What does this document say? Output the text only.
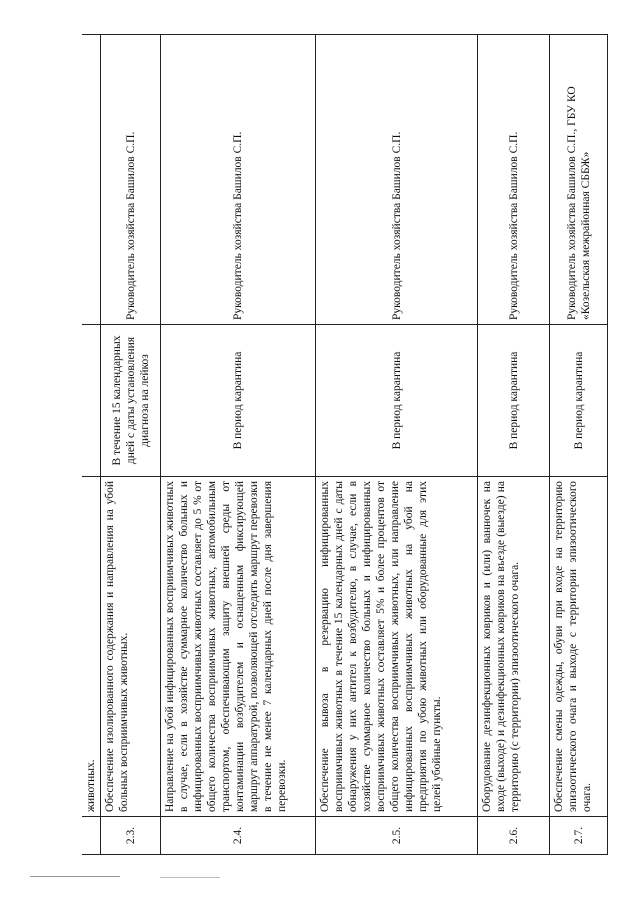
	животных.		
2.3.	Обеспечение изолированного содержания и направления на убой больных восприимчивых животных.	В течение 15 календарных дней с даты установления диагноза на лейкоз	Руководитель хозяйства Башилов С.П.
2.4.	Направление на убой инфицированных восприимчивых животных в случае, если в хозяйстве суммарное количество больных и инфицированных восприимчивых животных составляет до 5 % от общего количества восприимчивых животных, автомобильным транспортом, обеспечивающим защиту внешней среды от контаминации возбудителем и оснащенным фиксирующей маршрут аппаратурой, позволяющей отследить маршрут перевозки в течение не менее 7 календарных дней после дня завершения перевозки.	В период карантина	Руководитель хозяйства Башилов С.П.
2.5.	Обеспечение вывоза в резервацию инфицированных восприимчивых животных в течение 15 календарных дней с даты обнаружения у них антител к возбудителю, в случае, если в хозяйстве суммарное количество больных и инфицированных восприимчивых животных составляет 5% и более процентов от общего количества восприимчивых животных, или направление инфицированных восприимчивых животных на убой на предприятия по убою животных или оборудованные для этих целей убойные пункты.	В период карантина	Руководитель хозяйства Башилов С.П.
2.6.	Оборудование дезинфекционных ковриков и (или) ванночек на входе (выходе) и дезинфекционных ковриков на въезде (выезде) на территорию (с территории) эпизоотического очага.	В период карантина	Руководитель хозяйства Башилов С.П.
2.7.	Обеспечение смены одежды, обуви при входе на территорию эпизоотического очага и выходе с территории эпизоотического очага.	В период карантина	Руководитель хозяйства Башилов С.П., ГБУ КО «Козельская межрайонная СББЖ»
